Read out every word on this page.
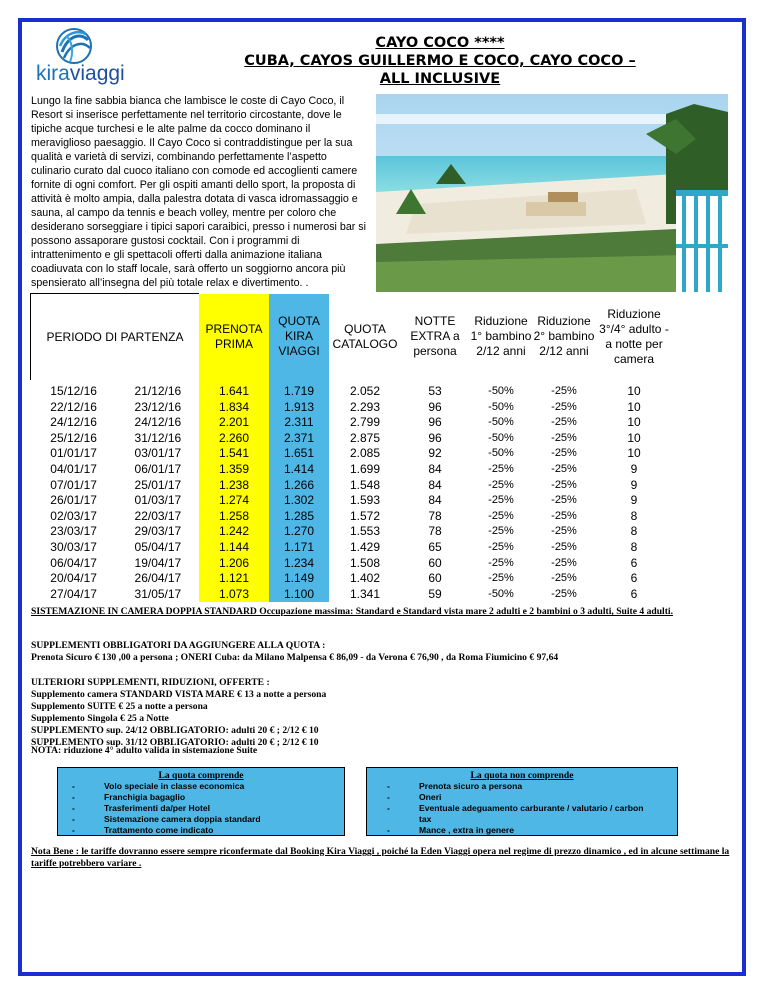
kiraviaggi
CAYO COCO ****
CUBA, CAYOS GUILLERMO E COCO, CAYO COCO –
ALL INCLUSIVE
Lungo la fine sabbia bianca che lambisce le coste di Cayo Coco, il Resort si inserisce perfettamente nel territorio circostante, dove le tipiche acque turchesi e le alte palme da cocco dominano il meraviglioso paesaggio. Il Cayo Coco si contraddistingue per la sua qualità e varietà di servizi, combinando perfettamente l’aspetto culinario curato dal cuoco italiano con comode ed accoglienti camere fornite di ogni comfort. Per gli ospiti amanti dello sport, la proposta di attività è molto ampia, dalla palestra dotata di vasca idromassaggio e sauna, al campo da tennis e beach volley, mentre per coloro che desiderano sorseggiare i tipici sapori caraibici, presso i numerosi bar si possono assaporare gustosi cocktail. Con i programmi di intrattenimento e gli spettacoli offerti dalla animazione italiana coadiuvata con lo staff locale, sarà offerto un soggiorno ancora più spensierato all’insegna del più totale relax e divertimento. .
PERIODO DI PARTENZA		PRENOTA PRIMA	QUOTA KIRA VIAGGI	QUOTA CATALOGO	NOTTE EXTRA a persona	Riduzione 1° bambino 2/12 anni	Riduzione 2° bambino 2/12 anni	Riduzione 3°/4° adulto - a notte per camera
15/12/16	21/12/16	1.641	1.719	2.052	53	-50%	-25%	10
22/12/16	23/12/16	1.834	1.913	2.293	96	-50%	-25%	10
24/12/16	24/12/16	2.201	2.311	2.799	96	-50%	-25%	10
25/12/16	31/12/16	2.260	2.371	2.875	96	-50%	-25%	10
01/01/17	03/01/17	1.541	1.651	2.085	92	-50%	-25%	10
04/01/17	06/01/17	1.359	1.414	1.699	84	-25%	-25%	9
07/01/17	25/01/17	1.238	1.266	1.548	84	-25%	-25%	9
26/01/17	01/03/17	1.274	1.302	1.593	84	-25%	-25%	9
02/03/17	22/03/17	1.258	1.285	1.572	78	-25%	-25%	8
23/03/17	29/03/17	1.242	1.270	1.553	78	-25%	-25%	8
30/03/17	05/04/17	1.144	1.171	1.429	65	-25%	-25%	8
06/04/17	19/04/17	1.206	1.234	1.508	60	-25%	-25%	6
20/04/17	26/04/17	1.121	1.149	1.402	60	-25%	-25%	6
27/04/17	31/05/17	1.073	1.100	1.341	59	-50%	-25%	6
SISTEMAZIONE IN CAMERA DOPPIA STANDARD Occupazione massima: Standard e Standard vista mare 2 adulti e 2 bambini o 3 adulti, Suite 4 adulti.
SUPPLEMENTI OBBLIGATORI DA AGGIUNGERE ALLA QUOTA :
Prenota Sicuro € 130 ,00 a persona ; ONERI Cuba: da Milano Malpensa € 86,09 - da Verona € 76,90 , da Roma Fiumicino € 97,64
ULTERIORI SUPPLEMENTI, RIDUZIONI, OFFERTE :
Supplemento camera STANDARD VISTA MARE € 13 a notte a persona
Supplemento SUITE € 25 a notte a persona
Supplemento Singola € 25 a Notte
SUPPLEMENTO sup. 24/12 OBBLIGATORIO: adulti 20 € ; 2/12 € 10
SUPPLEMENTO sup. 31/12 OBBLIGATORIO: adulti 20 € ; 2/12 € 10
NOTA: riduzione 4° adulto valida in sistemazione Suite
La quota comprende
-	Volo speciale in classe economica
-	Franchigia bagaglio
-	Trasferimenti da/per Hotel
-	Sistemazione camera doppia standard
-	Trattamento come indicato
La quota non comprende
-	Prenota sicuro a persona
-	Oneri
-	Eventuale adeguamento carburante / valutario / carbon tax
-	Mance , extra in genere
Nota Bene : le tariffe dovranno essere sempre riconfermate dal Booking Kira Viaggi , poiché la Eden Viaggi opera nel regime di prezzo dinamico , ed in alcune settimane la tariffe potrebbero variare .
